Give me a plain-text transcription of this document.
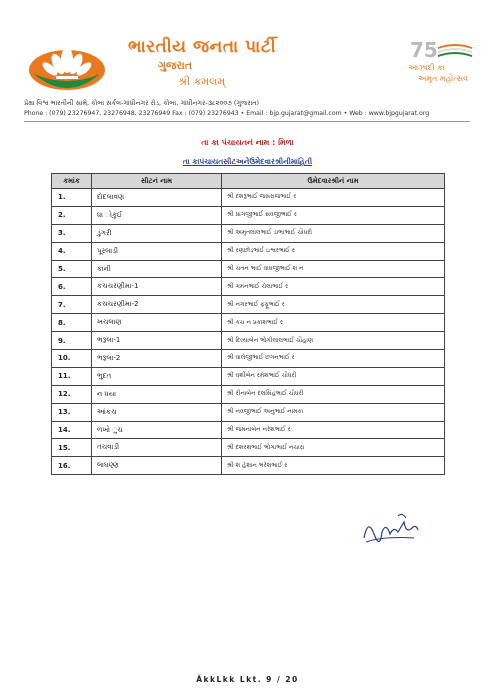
ભારતીય જનતા પાર્ટી
ગુજરાત
શ્રી કમલમ્
75
આઝાદી કા
અમૃત મહોત્સવ
પ્રેક્ષા વિશ્વ ભારતીની સામે, કોબા સર્કલ-ગાંધીનગર રોડ, કોબા, ગાંધીનગર-૩૮૨૦૦૭ (ગુજરાત)
Phone : (079) 23276947, 23276948, 23276949 Fax : (079) 23276943 • Email : bjp.gujarat@gmail.com • Web : www.bjpgujarat.org
તા કા પંચાયતનં નામ : મિળા
તા કાપંચાયતસીટઅનેઉમેદવારશ્રીનીમાહિતી
કમાંક	સીટનં નામ	ઉમેદવારશ્રીનં નામ
1.	દોદલાવણ	શ્રી દશરૂભાઈ જસરાજભાઈ ર
2.	ધા ોકુઈ	શ્રી પ્રાગજીભાઈ સવજીભાઈ ર
3.	ડુંગરી	શ્રી અમૃતલાલભાઈ ડાભાભાઈ ચૌધરી
4.	પૂરલાડી	શ્રી રણછોડભાઈ ઇશ્વરભાઈ ર
5.	કાની	શ્રી ચતન ભાઈ વાઘજીભાઈ શ ન
6.	કચચરણીમા-1	શ્રી ગમનભાઈ ચેલાભાઈ ર
7.	કચચરણીમા-2	શ્રી નગરભાઈ ફફૂભાઈ ર
8.	ખચલાણ	શ્રી કચ ન પ્રકાશભાઈ ર
9.	ભરૂલા-1	શ્રી દિવ્યાબેન ભોગીલાલભાઈ ચૌહાણ
10.	ભરૂલા-2	શ્રી વાલેજીભાઈ છગનભાઈ ર
11.	ભુદત	શ્રી વશીબેન રમેશભાઈ ચૌધરી
12.	ન ધયા	શ્રી રીનાબેન દલસિંહભાઈ ચૌધરી
13.	આંકચ	શ્રી નવજીભાઈ અનુભાઈ નામકા
14.	ળખો ુચ	શ્રી જમનાબેન નરેશભાઈ ર
15.	તચવાડી	શ્રી દશરથભાઈ ભોગાભાઈ નચારા
16.	લાઘણ્ણ	શ્રી શ હેશાન ભરેશભાઈ ર
ÃkkLkk Lkt. 9 / 20
